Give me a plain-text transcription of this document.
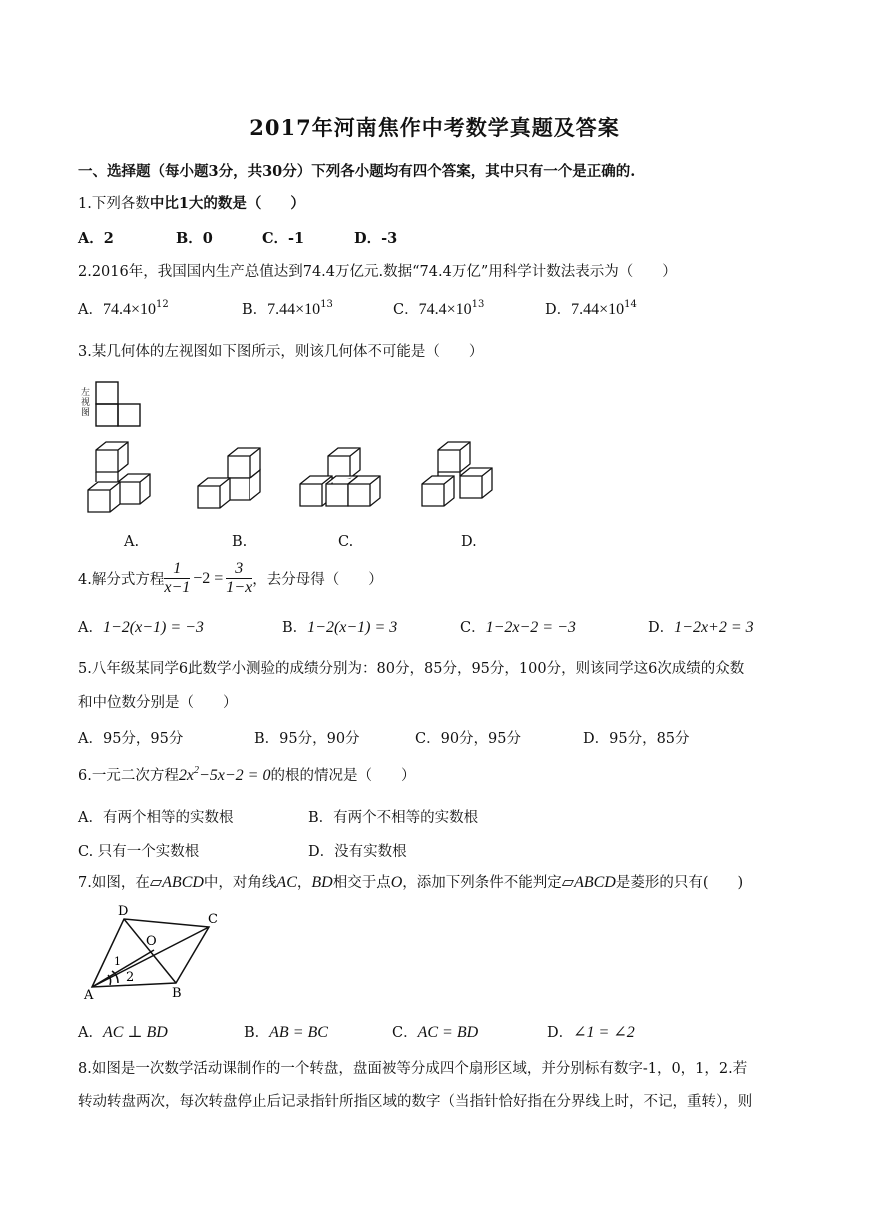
2017年河南焦作中考数学真题及答案
一、选择题（每小题3分，共30分）下列各小题均有四个答案，其中只有一个是正确的.
1.下列各数中比1大的数是（　　）
A．2	B．0	C．-1	D．-3
2.2016年，我国国内生产总值达到74.4万亿元.数据“74.4万亿”用科学计数法表示为（　　）
A．$74.4\times 10^{12}$	B．$7.44\times 10^{13}$	C．$74.4\times 10^{13}$	D．$7.44\times 10^{14}$
3.某几何体的左视图如下图所示，则该几何体不可能是（　　）
左视图
A.	B.	C.	D.
4.解分式方程 $\frac{1}{x-1} -2 = \frac{3}{1-x}$ ，去分母得（　　）
A．1−2(x−1) = −3	B．1−2(x−1) = 3	C．1−2x−2 = −3	D．1−2x+2 = 3
5.八年级某同学6此数学小测验的成绩分别为：80分，85分，95分，100分，则该同学这6次成绩的众数
和中位数分别是（　　）
A．95分，95分	B．95分，90分	C．90分，95分	D．95分，85分
6.一元二次方程$2x^2-5x-2 = 0$的根的情况是（　　）
A．有两个相等的实数根	B．有两个不相等的实数根
C. 只有一个实数根	D．没有实数根
7.如图，在▱ABCD中，对角线AC，BD相交于点O，添加下列条件不能判定▱ABCD是菱形的只有(　　)
D
C
O
1
2
A	B
A．AC ⊥ BD	B．AB = BC	C．AC = BD	D．∠1 = ∠2
8.如图是一次数学活动课制作的一个转盘，盘面被等分成四个扇形区域，并分别标有数字-1，0，1，2.若
转动转盘两次，每次转盘停止后记录指针所指区域的数字（当指针恰好指在分界线上时，不记，重转），则
